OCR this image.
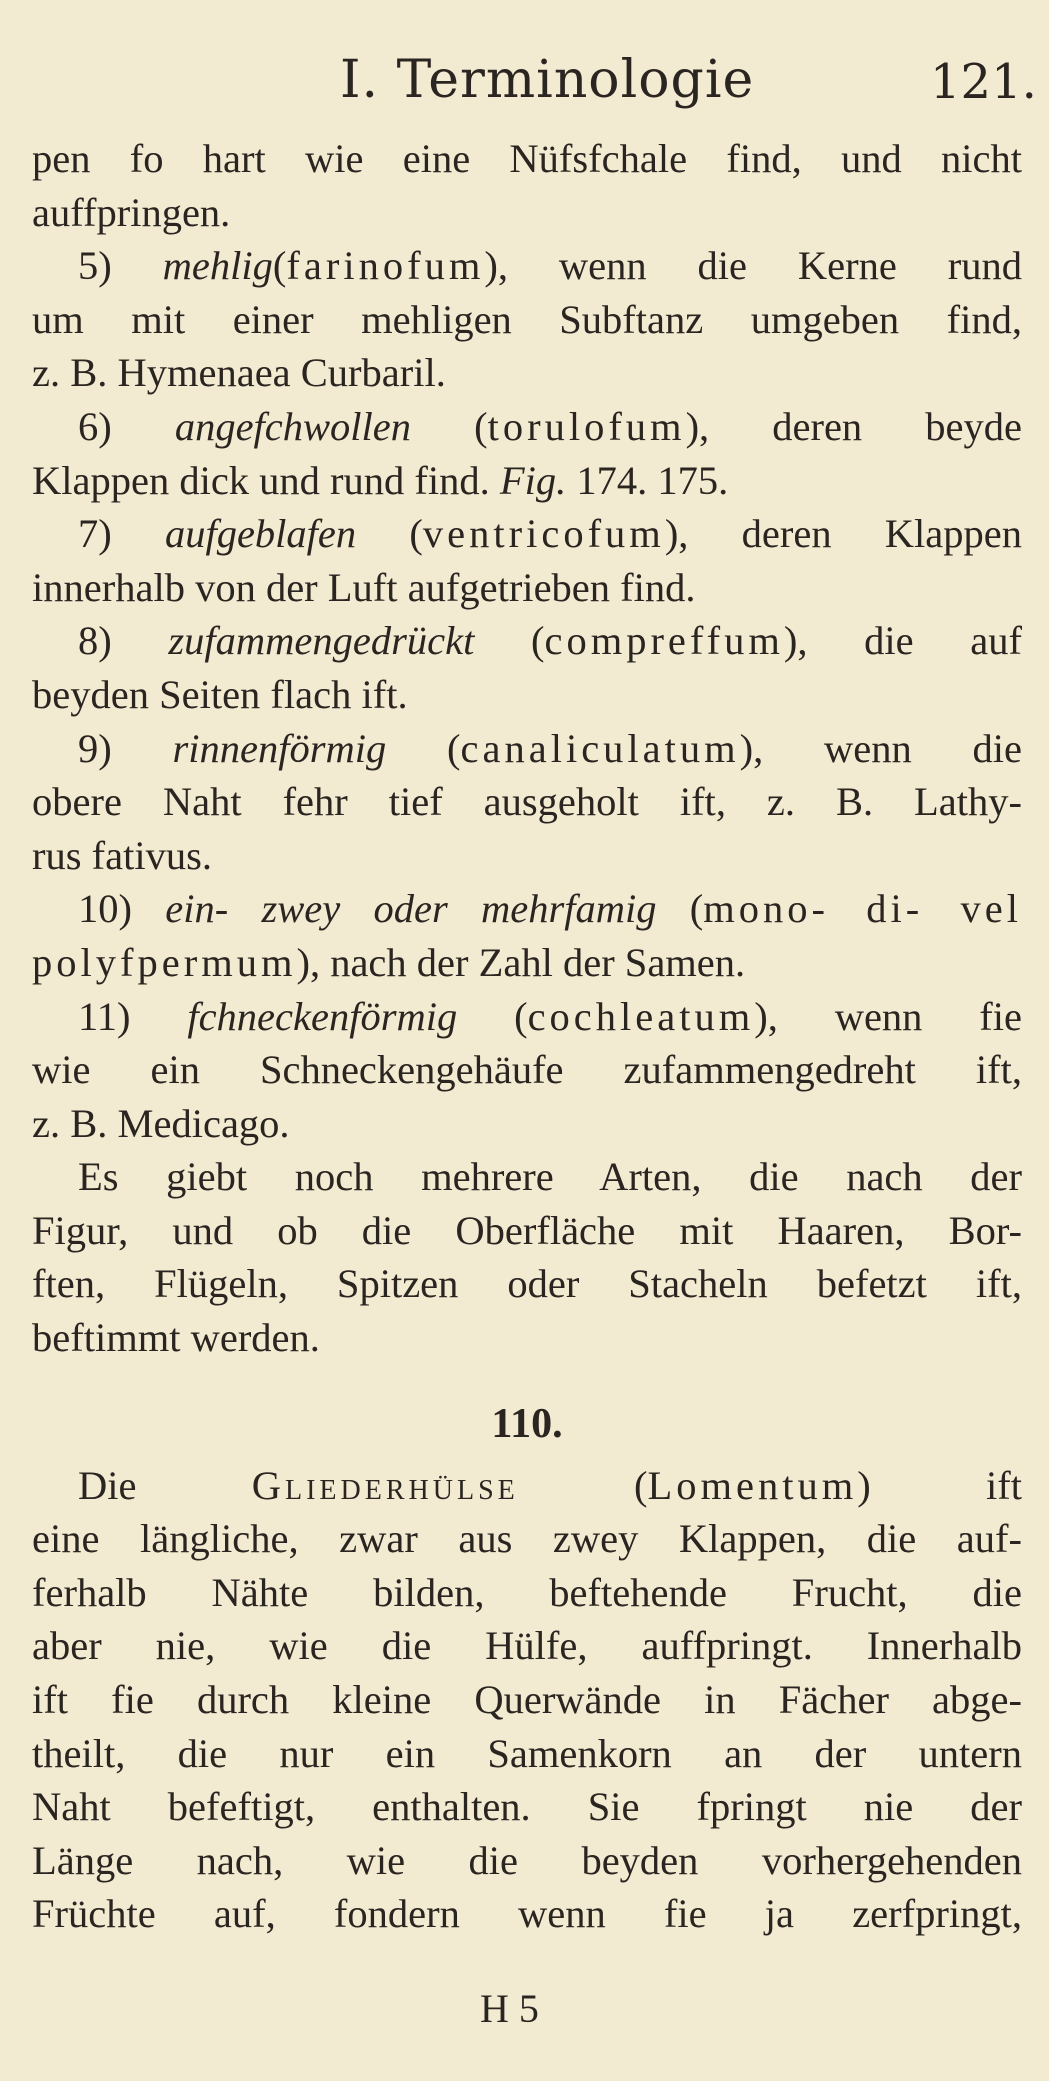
I. Terminologie	121.
pen fo hart wie eine Nüfsfchale find, und nicht
auffpringen.
5) mehlig(farinofum), wenn die Kerne rund
um mit einer mehligen Subftanz umgeben find,
z. B. Hymenaea Curbaril.
6) angefchwollen (torulofum), deren beyde
Klappen dick und rund find. Fig. 174. 175.
7) aufgeblafen (ventricofum), deren Klappen
innerhalb von der Luft aufgetrieben find.
8) zufammengedrückt (compreffum), die auf
beyden Seiten flach ift.
9) rinnenförmig (canaliculatum), wenn die
obere Naht fehr tief ausgeholt ift, z. B. Lathy-
rus fativus.
10) ein- zwey oder mehrfamig (mono- di- vel
polyfpermum), nach der Zahl der Samen.
11) fchneckenförmig (cochleatum), wenn fie
wie ein Schneckengehäufe zufammengedreht ift,
z. B. Medicago.
Es giebt noch mehrere Arten, die nach der
Figur, und ob die Oberfläche mit Haaren, Bor-
ften, Flügeln, Spitzen oder Stacheln befetzt ift,
beftimmt werden.
110.
Die Gliederhülse (Lomentum) ift
eine längliche, zwar aus zwey Klappen, die auf-
ferhalb Nähte bilden, beftehende Frucht, die
aber nie, wie die Hülfe, auffpringt. Innerhalb
ift fie durch kleine Querwände in Fächer abge-
theilt, die nur ein Samenkorn an der untern
Naht befeftigt, enthalten. Sie fpringt nie der
Länge nach, wie die beyden vorhergehenden
Früchte auf, fondern wenn fie ja zerfpringt,
H 5
